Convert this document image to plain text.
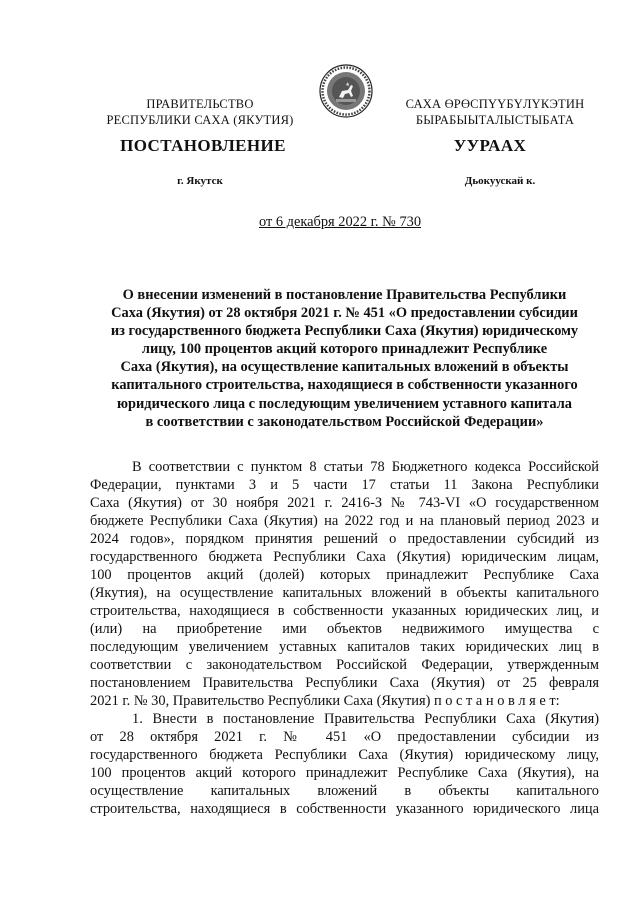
ПРАВИТЕЛЬСТВО
РЕСПУБЛИКИ САХА (ЯКУТИЯ)
САХА ӨРӨСПҮҮБҮЛҮКЭТИН
БЫРАБЫЫТАЛЫСТЫБАТА
ПОСТАНОВЛЕНИЕ	УУРААХ
г. Якутск	Дьокуускай к.
от 6 декабря 2022 г. № 730
О внесении изменений в постановление Правительства Республики
Саха (Якутия) от 28 октября 2021 г. № 451 «О предоставлении субсидии
из государственного бюджета Республики Саха (Якутия) юридическому
лицу, 100 процентов акций которого принадлежит Республике
Саха (Якутия), на осуществление капитальных вложений в объекты
капитального строительства, находящиеся в собственности указанного
юридического лица с последующим увеличением уставного капитала
в соответствии с законодательством Российской Федерации»
В соответствии с пунктом 8 статьи 78 Бюджетного кодекса Российской
Федерации, пунктами 3 и 5 части 17 статьи 11 Закона Республики
Саха (Якутия) от 30 ноября 2021 г. 2416-З № 743-VI «О государственном
бюджете Республики Саха (Якутия) на 2022 год и на плановый период 2023 и
2024 годов», порядком принятия решений о предоставлении субсидий из
государственного бюджета Республики Саха (Якутия) юридическим лицам,
100 процентов акций (долей) которых принадлежит Республике Саха
(Якутия), на осуществление капитальных вложений в объекты капитального
строительства, находящиеся в собственности указанных юридических лиц, и
(или) на приобретение ими объектов недвижимого имущества с
последующим увеличением уставных капиталов таких юридических лиц в
соответствии с законодательством Российской Федерации, утвержденным
постановлением Правительства Республики Саха (Якутия) от 25 февраля
2021 г. № 30, Правительство Республики Саха (Якутия) п о с т а н о в л я е т:
1. Внести в постановление Правительства Республики Саха (Якутия)
от 28 октября 2021 г. № 451 «О предоставлении субсидии из
государственного бюджета Республики Саха (Якутия) юридическому лицу,
100 процентов акций которого принадлежит Республике Саха (Якутия), на
осуществление капитальных вложений в объекты капитального
строительства, находящиеся в собственности указанного юридического лица
